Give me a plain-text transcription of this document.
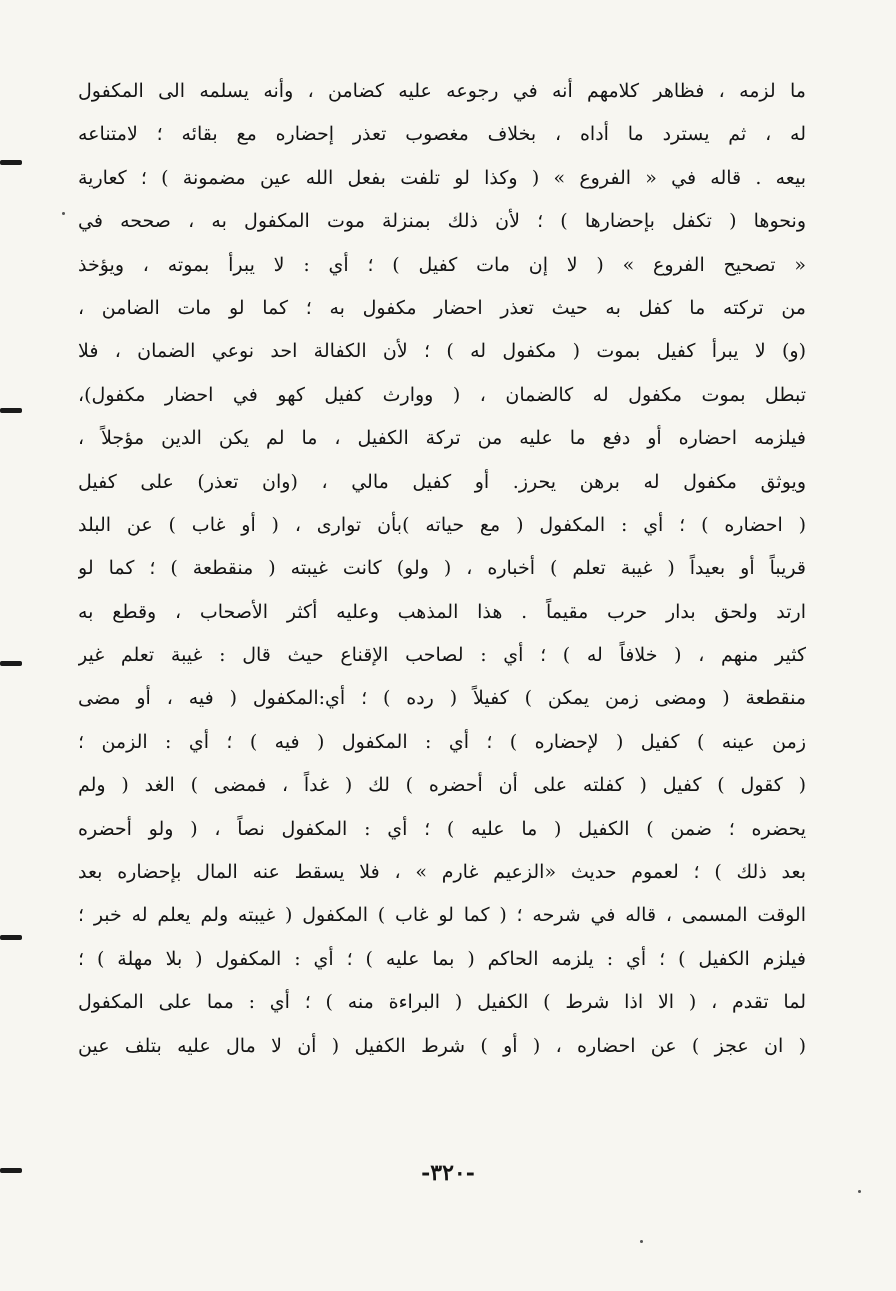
ما لزمه ، فظاهر كلامهم أنه في رجوعه عليه كضامن ، وأنه يسلمه الى المكفول
له ، ثم يسترد ما أداه ، بخلاف مغصوب تعذر إحضاره مع بقائه ؛ لامتناعه
بيعه . قاله في « الفروع » ( وكذا لو تلفت بفعل الله عين مضمونة ) ؛ كعارية
ونحوها ( تكفل بإحضارها ) ؛ لأن ذلك بمنزلة موت المكفول به ، صححه في
« تصحيح الفروع » ( لا إن مات كفيل ) ؛ أي : لا يبرأ بموته ، ويؤخذ
من تركته ما كفل به حيث تعذر احضار مكفول به ؛ كما لو مات الضامن ،
(و) لا يبرأ كفيل بموت ( مكفول له ) ؛ لأن الكفالة احد نوعي الضمان ، فلا
تبطل بموت مكفول له كالضمان ، ( ووارث كفيل كهو في احضار مكفول)،
فيلزمه احضاره أو دفع ما عليه من تركة الكفيل ، ما لم يكن الدين مؤجلاً ،
ويوثق مكفول له برهن يحرز. أو كفيل مالي ، (وان تعذر) على كفيل
( احضاره ) ؛ أي : المكفول ( مع حياته )بأن توارى ، ( أو غاب ) عن البلد
قريباً أو بعيداً ( غيبة تعلم ) أخباره ، ( ولو) كانت غيبته ( منقطعة ) ؛ كما لو
ارتد ولحق بدار حرب مقيماً . هذا المذهب وعليه أكثر الأصحاب ، وقطع به
كثير منهم ، ( خلافاً له ) ؛ أي : لصاحب الإقناع حيث قال : غيبة تعلم غير
منقطعة ( ومضى زمن يمكن ) كفيلاً ( رده ) ؛ أي:المكفول ( فيه ، أو مضى
زمن عينه ) كفيل ( لإحضاره ) ؛ أي : المكفول ( فيه ) ؛ أي : الزمن ؛
( كقول ) كفيل ( كفلته على أن أحضره ) لك ( غداً ، فمضى ) الغد ( ولم
يحضره ؛ ضمن ) الكفيل ( ما عليه ) ؛ أي : المكفول نصاً ، ( ولو أحضره
بعد ذلك ) ؛ لعموم حديث «الزعيم غارم » ، فلا يسقط عنه المال بإحضاره بعد
الوقت المسمى ، قاله في شرحه ؛ ( كما لو غاب ) المكفول ( غيبته ولم يعلم له خبر ؛
فيلزم الكفيل ) ؛ أي : يلزمه الحاكم ( بما عليه ) ؛ أي : المكفول ( بلا مهلة ) ؛
لما تقدم ، ( الا اذا شرط ) الكفيل ( البراءة منه ) ؛ أي : مما على المكفول
( ان عجز ) عن احضاره ، ( أو ) شرط الكفيل ( أن لا مال عليه بتلف عين
-٣٢٠-
